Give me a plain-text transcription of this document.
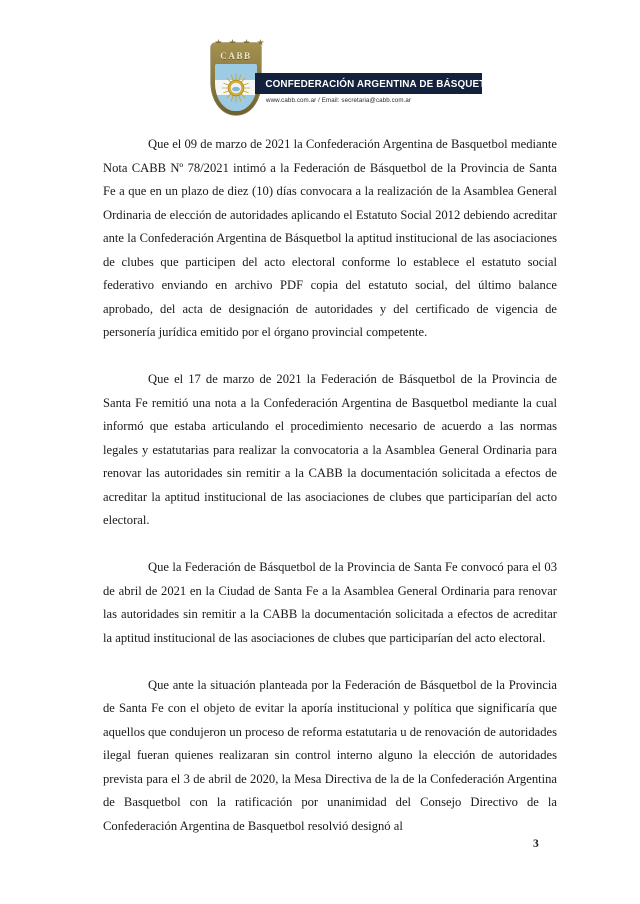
CABB
CONFEDERACIÓN ARGENTINA DE BÁSQUETBOL
www.cabb.com.ar / Email: secretaria@cabb.com.ar

Que el 09 de marzo de 2021 la Confederación Argentina de Basquetbol mediante Nota CABB Nº 78/2021 intimó a la Federación de Básquetbol de la Provincia de Santa Fe a que en un plazo de diez (10) días convocara a la realización de la Asamblea General Ordinaria de elección de autoridades aplicando el Estatuto Social 2012 debiendo acreditar ante la Confederación Argentina de Básquetbol la aptitud institucional de las asociaciones de clubes que participen del acto electoral conforme lo establece el estatuto social federativo enviando en archivo PDF copia del estatuto social, del último balance aprobado, del acta de designación de autoridades y del certificado de vigencia de personería jurídica emitido por el órgano provincial competente.

Que el 17 de marzo de 2021 la Federación de Básquetbol de la Provincia de Santa Fe remitió una nota a la Confederación Argentina de Basquetbol mediante la cual informó que estaba articulando el procedimiento necesario de acuerdo a las normas legales y estatutarias para realizar la convocatoria a la Asamblea General Ordinaria para renovar las autoridades sin remitir a la CABB la documentación solicitada a efectos de acreditar la aptitud institucional de las asociaciones de clubes que participarían del acto electoral.

Que la Federación de Básquetbol de la Provincia de Santa Fe convocó para el 03 de abril de 2021 en la Ciudad de Santa Fe a la Asamblea General Ordinaria para renovar las autoridades sin remitir a la CABB la documentación solicitada a efectos de acreditar la aptitud institucional de las asociaciones de clubes que participarían del acto electoral.

Que ante la situación planteada por la Federación de Básquetbol de la Provincia de Santa Fe con el objeto de evitar la aporía institucional y política que significaría que aquellos que condujeron un proceso de reforma estatutaria u de renovación de autoridades ilegal fueran quienes realizaran sin control interno alguno la elección de autoridades prevista para el 3 de abril de 2020, la Mesa Directiva de la de la Confederación Argentina de Basquetbol con la ratificación por unanimidad del Consejo Directivo de la Confederación Argentina de Basquetbol resolvió designó al

3
